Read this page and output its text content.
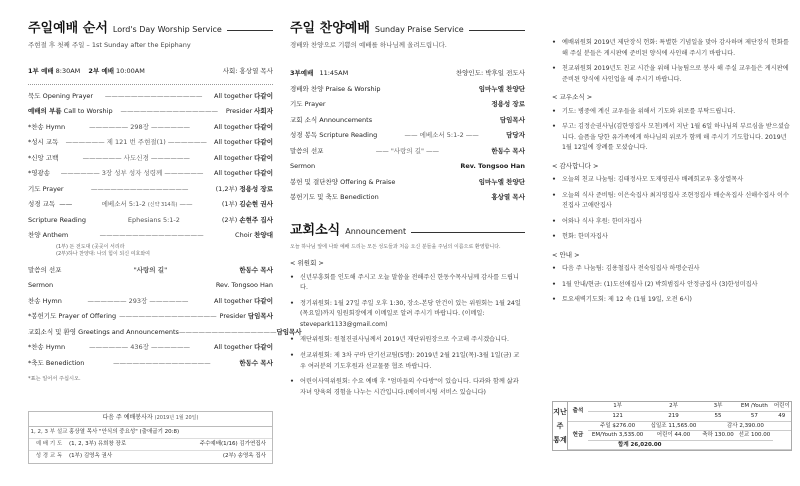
주일예배 순서 Lord's Day Worship Service
주현절 후 첫째 주일 – 1st Sunday after the Epiphany
1부 예배 8:30AM
2부 예배 10:00AM	사회: 홍상열 목사
묵도 Opening Prayer	———————————————	All together 다같이
예배의 부름 Call to Worship	———————————————	Presider 사회자
*찬송 Hymn	—————— 298장 ——————	All together 다같이
*성시 교독	—————— 제 121 번 주현절(1) ——————	All together 다같이
*신앙 고백	—————— 사도신경 ——————	All together 다같이
*영광송	—————— 3장 성부 성자 성령께 ——————	All together 다같이
기도 Prayer	———————————————	(1,2부) 정용성 장로
성경 교독 ——	에베소서 5:1-2 (신약 314쪽) ——	(1부) 김순현 권사
Scripture Reading	Ephesians 5:1-2	(2부) 손현주 집사
찬양 Anthem	————————————————	Choir 찬양대
(1부) 돈 전도대 (곳곳이 서리라
(2부)하나 찬양대: 나의 힘이 되신 여호와여
말씀의 선포	"사랑의 길"	한동수 목사
Sermon	Rev. Tongsoo Han
찬송 Hymn	—————— 293장 ——————	All together 다같이
*봉헌기도 Prayer of Offering ——————————————— Presider 담임목사
교회소식 및 환영 Greetings and Announcements ——————————————— 담임목사
*찬송 Hymn	—————— 436장 ——————	All together 다같이
*축도 Benediction	———————————————	한동수 목사
*표는 일어서 주십시오.
다음 주 예배봉사자 (2019년 1월 20일)
1, 2, 3 부 설교 홍상열 목사 "안식의 중요성" (출애굽기 20:8)
예 배 기 도	(1, 2, 3부) 유희창 장로	주수예배(1/16) 김가연집사
성 경 교 독	(1부) 김영옥 권사	(2부) 송영옥 집사
주일 찬양예배 Sunday Praise Service
경배와 찬양으로 기쁨의 예배를 하나님께 올려드립니다.
3부예배
11:45AM	찬양인도: 박후일 전도사
경배와 찬양 Praise & Worship	임마누엘 찬양단
기도 Prayer	정용성 장로
교회 소식 Announcements	담임목사
성경 봉독 Scripture Reading	—— 에베소서 5:1-2 ——	담당자
말씀의 선포	—— "사랑의 길" ——	한동수 목사
Sermon	Rev. Tongsoo Han
봉헌 및 결단찬양 Offering & Praise	임마누엘 찬양단
봉헌기도 및 축도 Benediction	홍상열 목사
교회소식 Announcement
오늘 하나님 앞에 나와 예배 드리는 모든 성도들과 처음 오신 분들을 주님의 이름으로 환영합니다.
< 위원회 >
• 신년부흥회를 인도해 주시고 오늘 말씀을 전해주신 한동수목사님께 감사를 드립니다.
• 정기위원회: 1월 27일 주일 오후 1:30, 장소-본당 안건이 있는 위원회는 1월 24일(목요일)까지 임원회장에게 이메일로 알려 주시기 바랍니다. (이메일: stevepark1133@gmail.com)
• 재단위원회: 원철진권사님께서 2019년 재단위원장으로 수고해 주시겠습니다.
• 선교위원회: 제 3차 구바 단기선교팀(5명): 2019년 2월 21일(목)-3월 1일(금) 교우 여러분의 기도후원과 선교물품 협조 바랍니다.
• 어린이사역위원회: 수요 예배 후 "엄마들의 수다방"이 있습니다. 다과와 함께 삶과 자녀 양육의 경험을 나누는 시간입니다.(베이비시팅 서비스 있습니다)
• 예배위원회 2019년 제단장식 헌화: 특별한 기념일을 맞아 감사하며 제단장식 헌화를 해 주실 분들은 게시판에 준비된 양식에 사인해 주시기 바랍니다.
• 친교위원회 2019년도 친교 시간을 위해 나눔팀으로 봉사 해 주실 교우들은 게시판에 준비된 양식에 사인업을 해 주시기 바랍니다.
< 교우소식 >
• 기도: 병중에 계신 교우들을 위해서 기도와 위로를 부탁드립니다.
• 부고: 김정순권사님(김한영집사 모친)께서 지난 1월 6일 하나님의 부르심을 받으셨습니다. 슬픔을 당한 유가족에게 하나님의 위로가 함께 해 주시기 기도합니다. 2019년 1월 12일에 장례를 모셨습니다.
< 감사합니다 >
• 오늘의 친교 나눔팀: 김태정사모 도재영권사 배례희교우 홍상열목사
• 오늘의 식사 준비팀: 이은숙집사 최지영집사 조현정집사 배순옥집사 신해수집사 이수진집사 고애란집사
• 어와나 식사 후원: 한미자집사
• 헌화: 한미자집사
< 안내 >
• 다음 주 나눔팀: 김용철집사 전숙임집사 하명순권사
• 1월 안내/현금: (1)도선애집사 (2) 박희범집사 안정금집사 (3)한성미집사
• 토요새벽기도회: 제 12 속 (1월 19일, 오전 6시)
지난
주
통계
출석	1부	2부	3부	EM /Youth	어린이
	121	219	55	57	49
헌금	주일 $276.00	십일조 11,565.00	감사 2,390.00		
	EM/Youth 3,535.00	어린이 44.00	축하 130.00	선교 100.00	
	합계 26,020.00				
